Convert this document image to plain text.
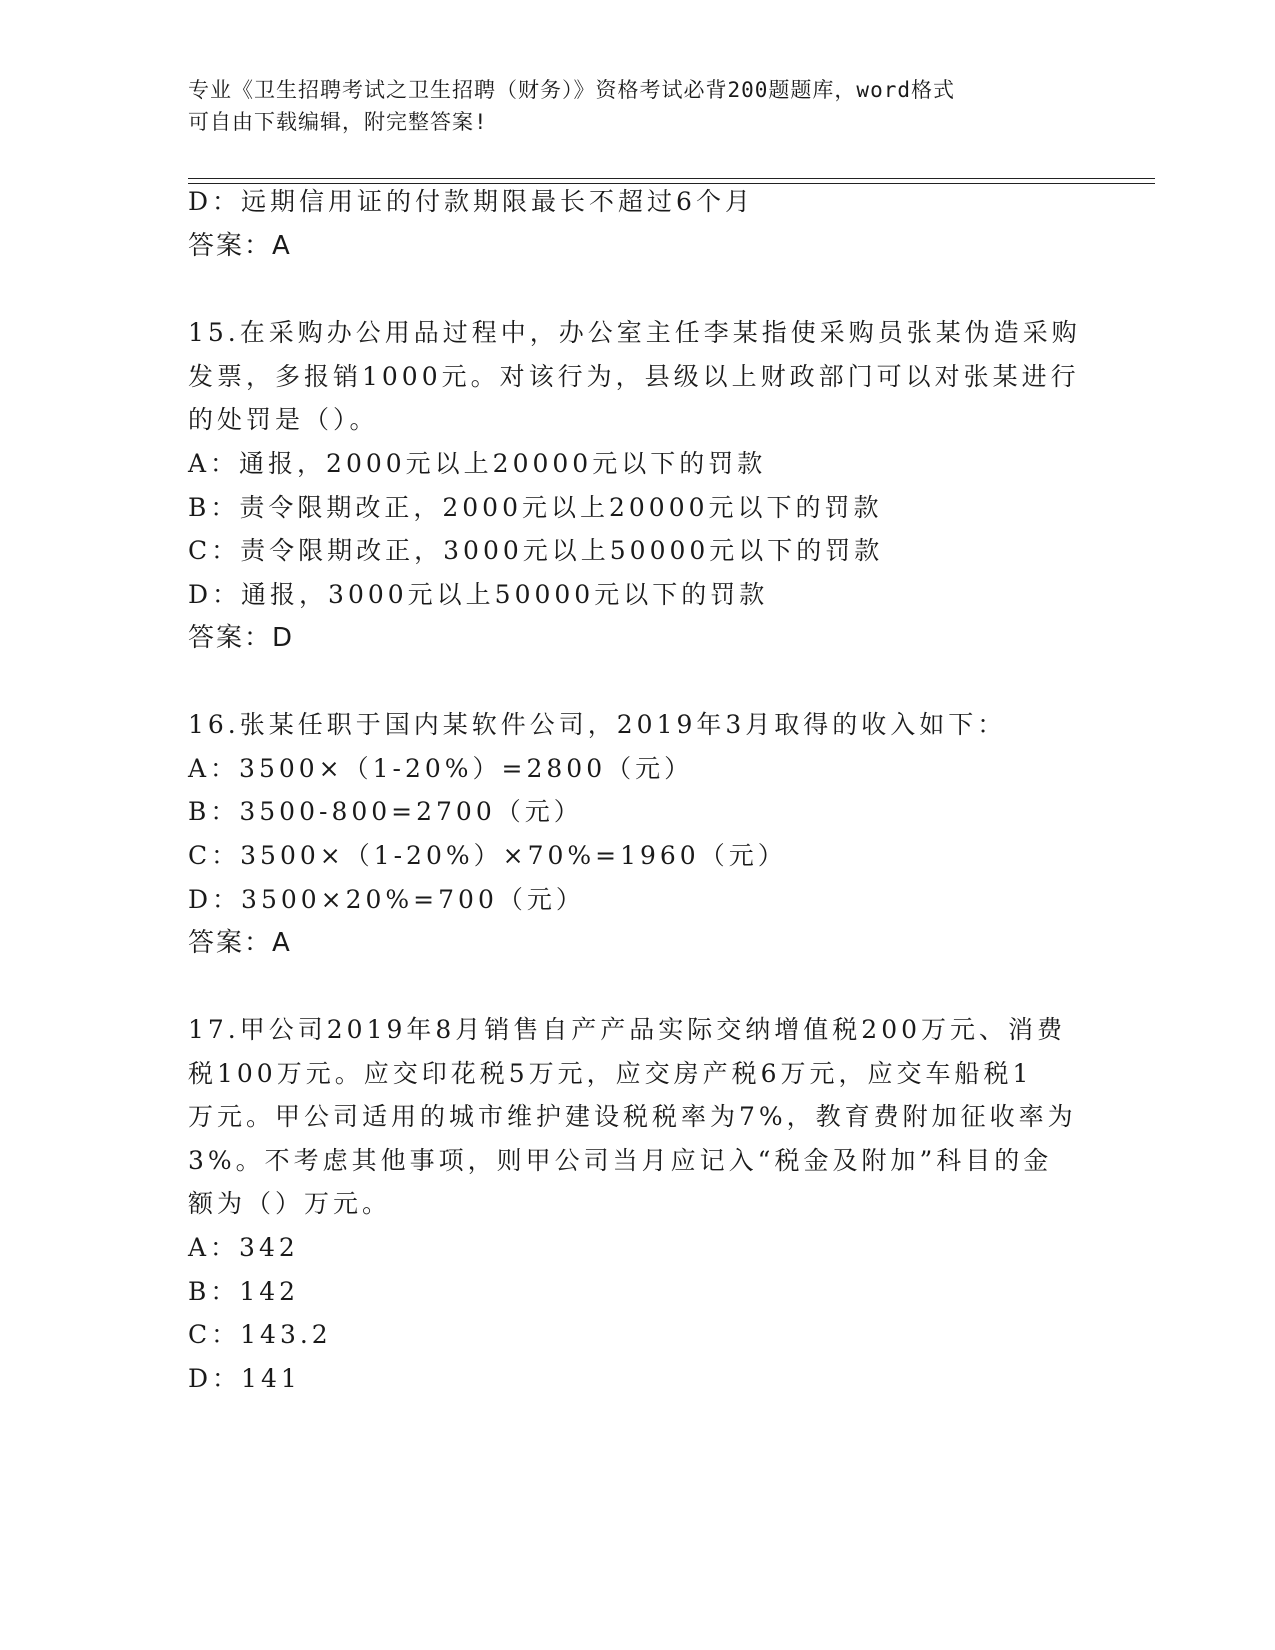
专业《卫生招聘考试之卫生招聘（财务）》资格考试必背200题题库，word格式
可自由下载编辑，附完整答案!
D：远期信用证的付款期限最长不超过6个月
答案：A
15.在采购办公用品过程中，办公室主任李某指使采购员张某伪造采购
发票，多报销1000元。对该行为，县级以上财政部门可以对张某进行
的处罚是（）。
A：通报，2000元以上20000元以下的罚款
B：责令限期改正，2000元以上20000元以下的罚款
C：责令限期改正，3000元以上50000元以下的罚款
D：通报，3000元以上50000元以下的罚款
答案：D
16.张某任职于国内某软件公司，2019年3月取得的收入如下：
A：3500×（1-20%）=2800（元）
B：3500-800=2700（元）
C：3500×（1-20%）×70%=1960（元）
D：3500×20%=700（元）
答案：A
17.甲公司2019年8月销售自产产品实际交纳增值税200万元、消费
税100万元。应交印花税5万元，应交房产税6万元，应交车船税1
万元。甲公司适用的城市维护建设税税率为7%，教育费附加征收率为
3%。不考虑其他事项，则甲公司当月应记入“税金及附加”科目的金
额为（）万元。
A：342
B：142
C：143.2
D：141
